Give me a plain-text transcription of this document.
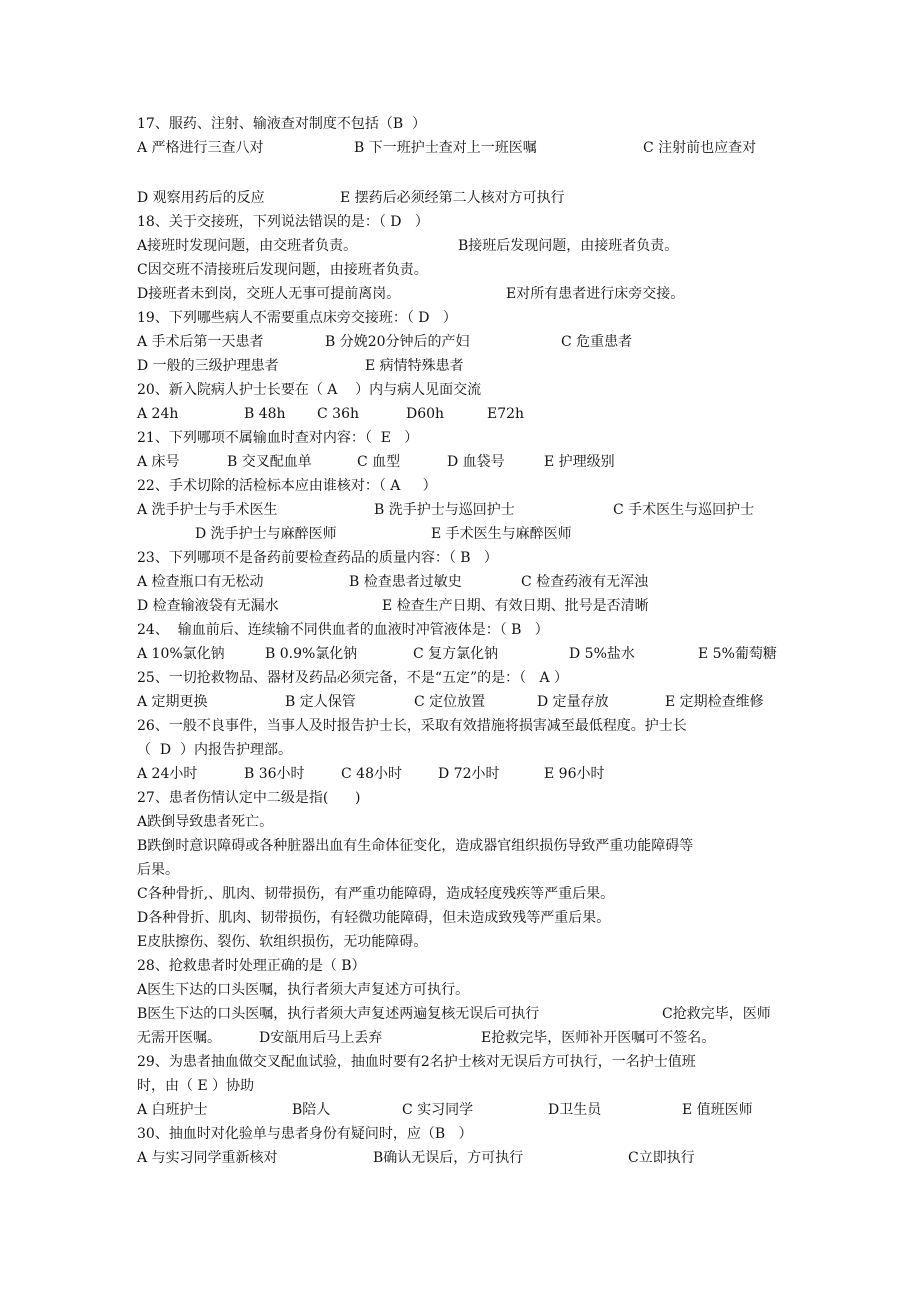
17、服药、注射、输液查对制度不包括（B  ）
A 严格进行三查八对	B 下一班护士查对上一班医嘱	C 注射前也应查对
D 观察用药后的反应	E 摆药后必须经第二人核对方可执行
18、关于交接班，下列说法错误的是：（ D   ）
A接班时发现问题，由交班者负责。	B接班后发现问题，由接班者负责。
C因交班不清接班后发现问题，由接班者负责。
D接班者未到岗，交班人无事可提前离岗。	E对所有患者进行床旁交接。
19、下列哪些病人不需要重点床旁交接班：（ D   ）
A 手术后第一天患者	B 分娩20分钟后的产妇	C 危重患者
D 一般的三级护理患者	E 病情特殊患者
20、新入院病人护士长要在（ A    ）内与病人见面交流
A 24h	B 48h C 36h	D60h	E72h
21、下列哪项不属输血时查对内容：（  E   ）
A 床号	B 交叉配血单	C 血型	D 血袋号	E 护理级别
22、手术切除的活检标本应由谁核对：（ A     ）
A 洗手护士与手术医生	B 洗手护士与巡回护士	C 手术医生与巡回护士
D 洗手护士与麻醉医师	E 手术医生与麻醉医师
23、下列哪项不是备药前要检查药品的质量内容：（ B   ）
A 检查瓶口有无松动	B 检查患者过敏史	C 检查药液有无浑浊
D 检查输液袋有无漏水	E 检查生产日期、有效日期、批号是否清晰
24、  输血前后、连续输不同供血者的血液时冲管液体是：（ B   ）
A 10%氯化钠	B 0.9%氯化钠	C 复方氯化钠	D 5%盐水	E 5%葡萄糖
25、一切抢救物品、器材及药品必须完备，不是“五定”的是：（   A ）
A 定期更换	B 定人保管	C 定位放置	D 定量存放	E 定期检查维修
26、一般不良事件，当事人及时报告护士长，采取有效措施将损害减至最低程度。护士长
（  D  ）内报告护理部。
A 24小时	B 36小时	C 48小时	D 72小时	E 96小时
27、患者伤情认定中二级是指(      )
A跌倒导致患者死亡。
B跌倒时意识障碍或各种脏器出血有生命体征变化，造成器官组织损伤导致严重功能障碍等
后果。
C各种骨折,、肌肉、韧带损伤，有严重功能障碍，造成轻度残疾等严重后果。
D各种骨折、肌肉、韧带损伤，有轻微功能障碍，但未造成致残等严重后果。
E皮肤擦伤、裂伤、软组织损伤，无功能障碍。
28、抢救患者时处理正确的是（ B）
A医生下达的口头医嘱，执行者须大声复述方可执行。
B医生下达的口头医嘱，执行者须大声复述两遍复核无误后可执行	C抢救完毕，医师
无需开医嘱。	D安瓿用后马上丢弃	E抢救完毕，医师补开医嘱可不签名。
29、为患者抽血做交叉配血试验，抽血时要有2名护士核对无误后方可执行，一名护士值班
时，由（ E ）协助
A 白班护士	B陪人	C 实习同学	D卫生员	E 值班医师
30、抽血时对化验单与患者身份有疑问时，应（B   ）
A 与实习同学重新核对	B确认无误后，方可执行	C立即执行
